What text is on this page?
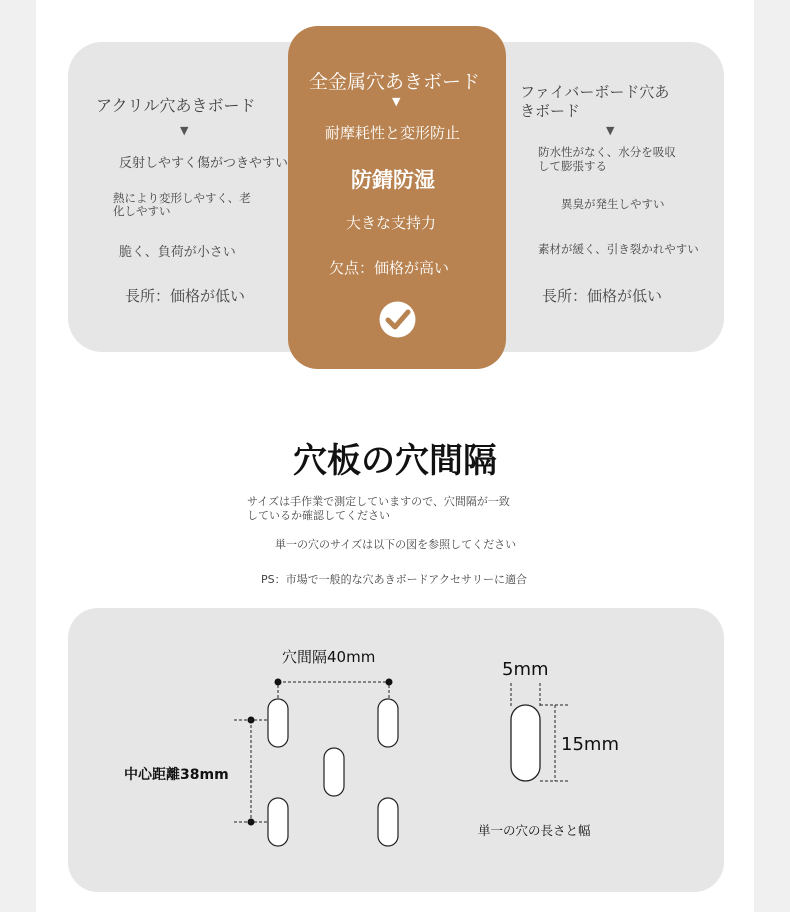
アクリル穴あきボード
▼
反射しやすく傷がつきやすい
熱により変形しやすく、老
化しやすい
脆く、負荷が小さい
長所：価格が低い
全金属穴あきボード
▼
耐摩耗性と変形防止
防錆防湿
大きな支持力
欠点：価格が高い
ファイバーボード穴あ
きボード
▼
防水性がなく、水分を吸収
して膨張する
異臭が発生しやすい
素材が緩く、引き裂かれやすい
長所：価格が低い
穴板の穴間隔
サイズは手作業で測定していますので、穴間隔が一致
しているか確認してください
単一の穴のサイズは以下の図を参照してください
PS：市場で一般的な穴あきボードアクセサリーに適合
穴間隔40mm
中心距離38mm
5mm
15mm
単一の穴の長さと幅
